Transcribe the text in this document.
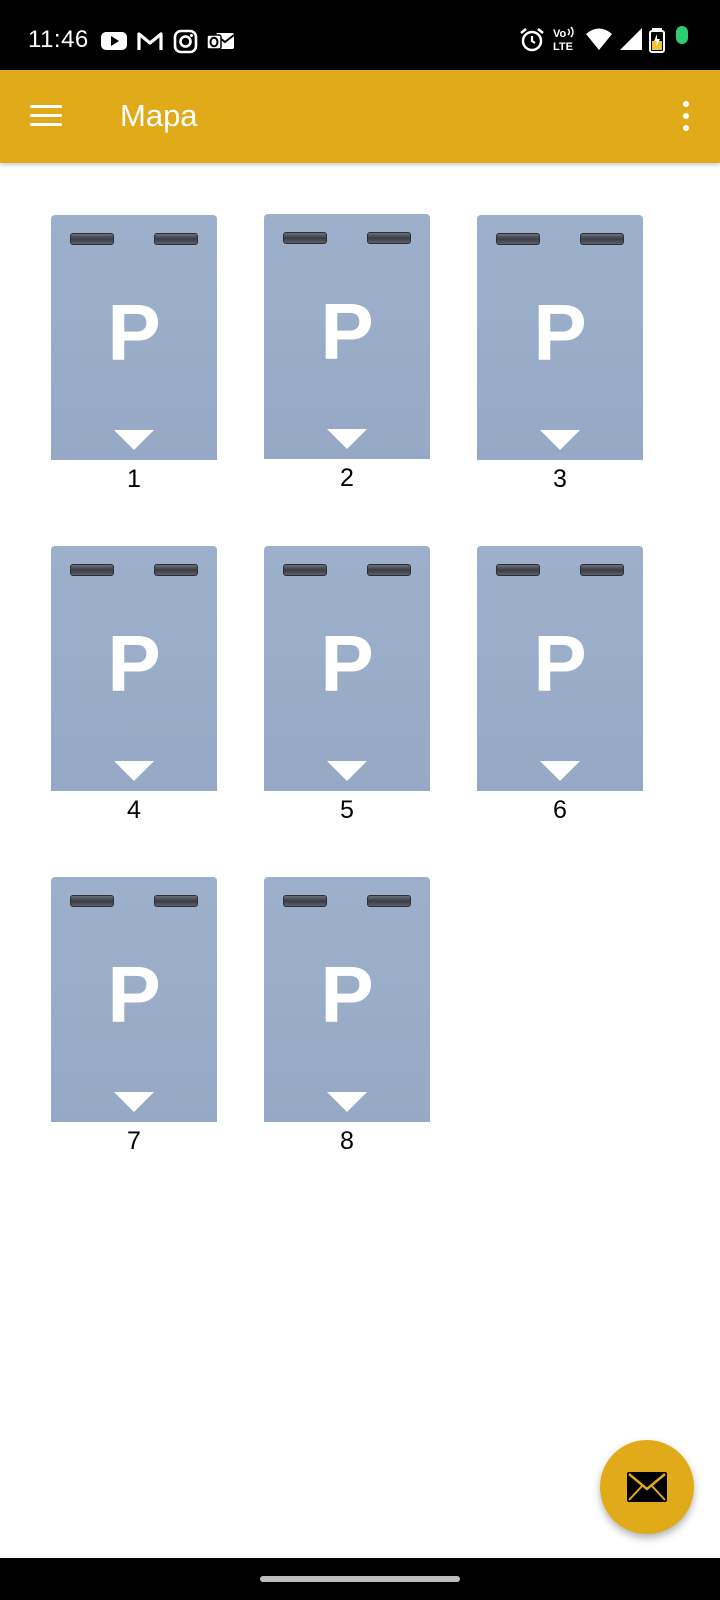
11:46	Vo
LTE
Mapa
P
1
P
2
P
3
P
4
P
5
P
6
P
7
P
8
